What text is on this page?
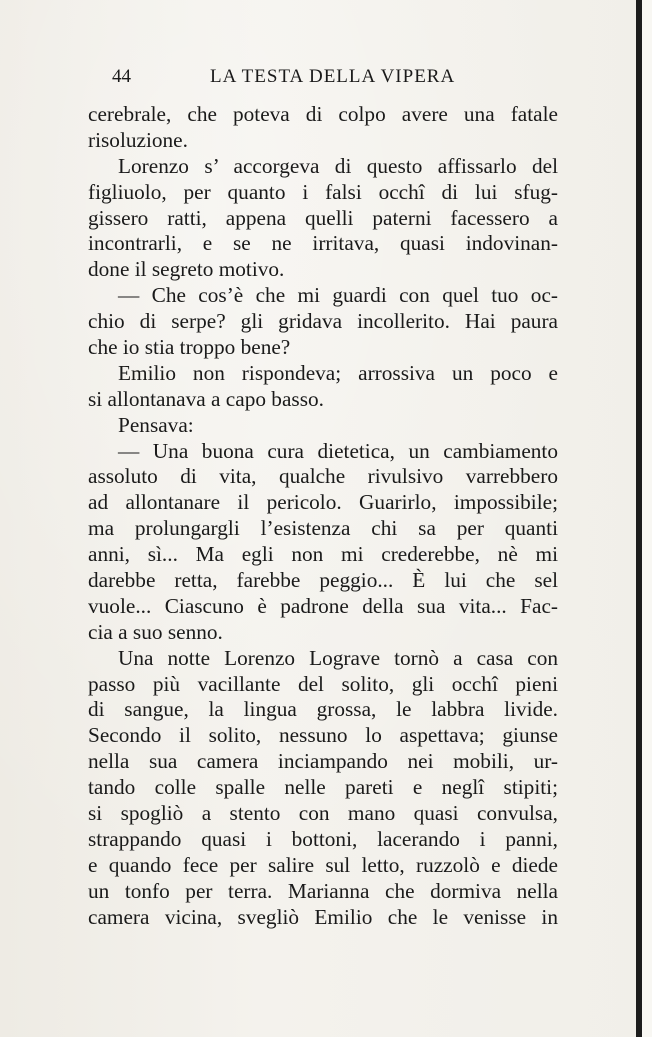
44	LA TESTA DELLA VIPERA
cerebrale, che poteva di colpo avere una fatale
risoluzione.
Lorenzo s’ accorgeva di questo affissarlo del
figliuolo, per quanto i falsi occhî di lui sfug-
gissero ratti, appena quelli paterni facessero a
incontrarli, e se ne irritava, quasi indovinan-
done il segreto motivo.
— Che cos’è che mi guardi con quel tuo oc-
chio di serpe? gli gridava incollerito. Hai paura
che io stia troppo bene?
Emilio non rispondeva; arrossiva un poco e
si allontanava a capo basso.
Pensava:
— Una buona cura dietetica, un cambiamento
assoluto di vita, qualche rivulsivo varrebbero
ad allontanare il pericolo. Guarirlo, impossibile;
ma prolungargli l’esistenza chi sa per quanti
anni, sì... Ma egli non mi crederebbe, nè mi
darebbe retta, farebbe peggio... È lui che sel
vuole... Ciascuno è padrone della sua vita... Fac-
cia a suo senno.
Una notte Lorenzo Lograve tornò a casa con
passo più vacillante del solito, gli occhî pieni
di sangue, la lingua grossa, le labbra livide.
Secondo il solito, nessuno lo aspettava; giunse
nella sua camera inciampando nei mobili, ur-
tando colle spalle nelle pareti e neglî stipiti;
si spogliò a stento con mano quasi convulsa,
strappando quasi i bottoni, lacerando i panni,
e quando fece per salire sul letto, ruzzolò e diede
un tonfo per terra. Marianna che dormiva nella
camera vicina, svegliò Emilio che le venisse in
